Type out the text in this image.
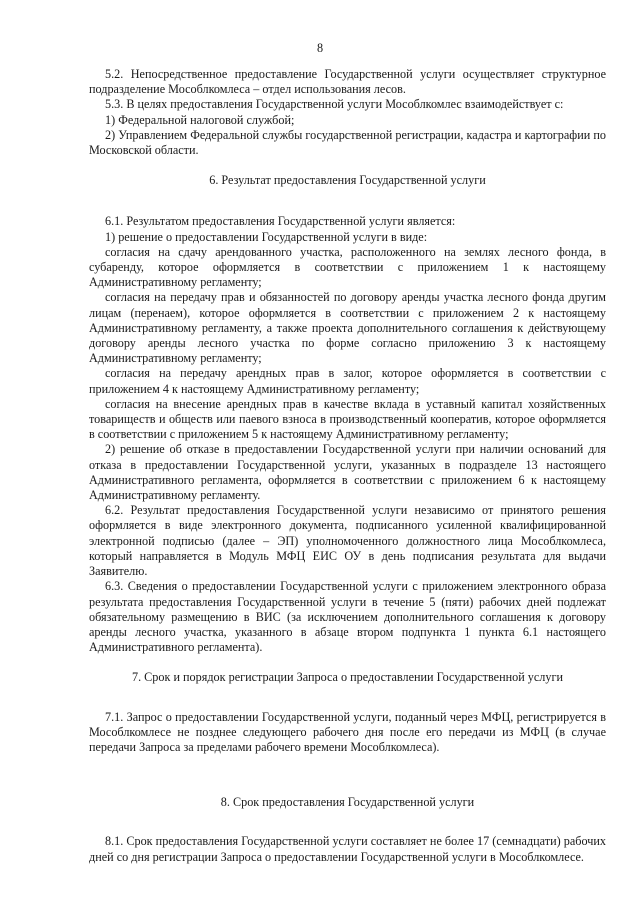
8

5.2. Непосредственное предоставление Государственной услуги осуществляет структурное подразделение Мособлкомлеса – отдел использования лесов.

5.3. В целях предоставления Государственной услуги Мособлкомлес взаимодействует с:

1) Федеральной налоговой службой;

2) Управлением Федеральной службы государственной регистрации, кадастра и картографии по Московской области.

6. Результат предоставления Государственной услуги

6.1. Результатом предоставления Государственной услуги является:

1) решение о предоставлении Государственной услуги в виде:

согласия на сдачу арендованного участка, расположенного на землях лесного фонда, в субаренду, которое оформляется в соответствии с приложением 1 к настоящему Административному регламенту;

согласия на передачу прав и обязанностей по договору аренды участка лесного фонда другим лицам (перенаем), которое оформляется в соответствии с приложением 2 к настоящему Административному регламенту, а также проекта дополнительного соглашения к действующему договору аренды лесного участка по форме согласно приложению 3 к настоящему Административному регламенту;

согласия на передачу арендных прав в залог, которое оформляется в соответствии с приложением 4 к настоящему Административному регламенту;

согласия на внесение арендных прав в качестве вклада в уставный капитал хозяйственных товариществ и обществ или паевого взноса в производственный кооператив, которое оформляется в соответствии с приложением 5 к настоящему Административному регламенту;

2) решение об отказе в предоставлении Государственной услуги при наличии оснований для отказа в предоставлении Государственной услуги, указанных в подразделе 13 настоящего Административного регламента, оформляется в соответствии с приложением 6 к настоящему Административному регламенту.

6.2. Результат предоставления Государственной услуги независимо от принятого решения оформляется в виде электронного документа, подписанного усиленной квалифицированной электронной подписью (далее – ЭП) уполномоченного должностного лица Мособлкомлеса, который направляется в Модуль МФЦ ЕИС ОУ в день подписания результата для выдачи Заявителю.

6.3. Сведения о предоставлении Государственной услуги с приложением электронного образа результата предоставления Государственной услуги в течение 5 (пяти) рабочих дней подлежат обязательному размещению в ВИС (за исключением дополнительного соглашения к договору аренды лесного участка, указанного в абзаце втором подпункта 1 пункта 6.1 настоящего Административного регламента).

7. Срок и порядок регистрации Запроса о предоставлении Государственной услуги

7.1. Запрос о предоставлении Государственной услуги, поданный через МФЦ, регистрируется в Мособлкомлесе не позднее следующего рабочего дня после его передачи из МФЦ (в случае передачи Запроса за пределами рабочего времени Мособлкомлеса).

8. Срок предоставления Государственной услуги

8.1. Срок предоставления Государственной услуги составляет не более 17 (семнадцати) рабочих дней со дня регистрации Запроса о предоставлении Государственной услуги в Мособлкомлесе.
